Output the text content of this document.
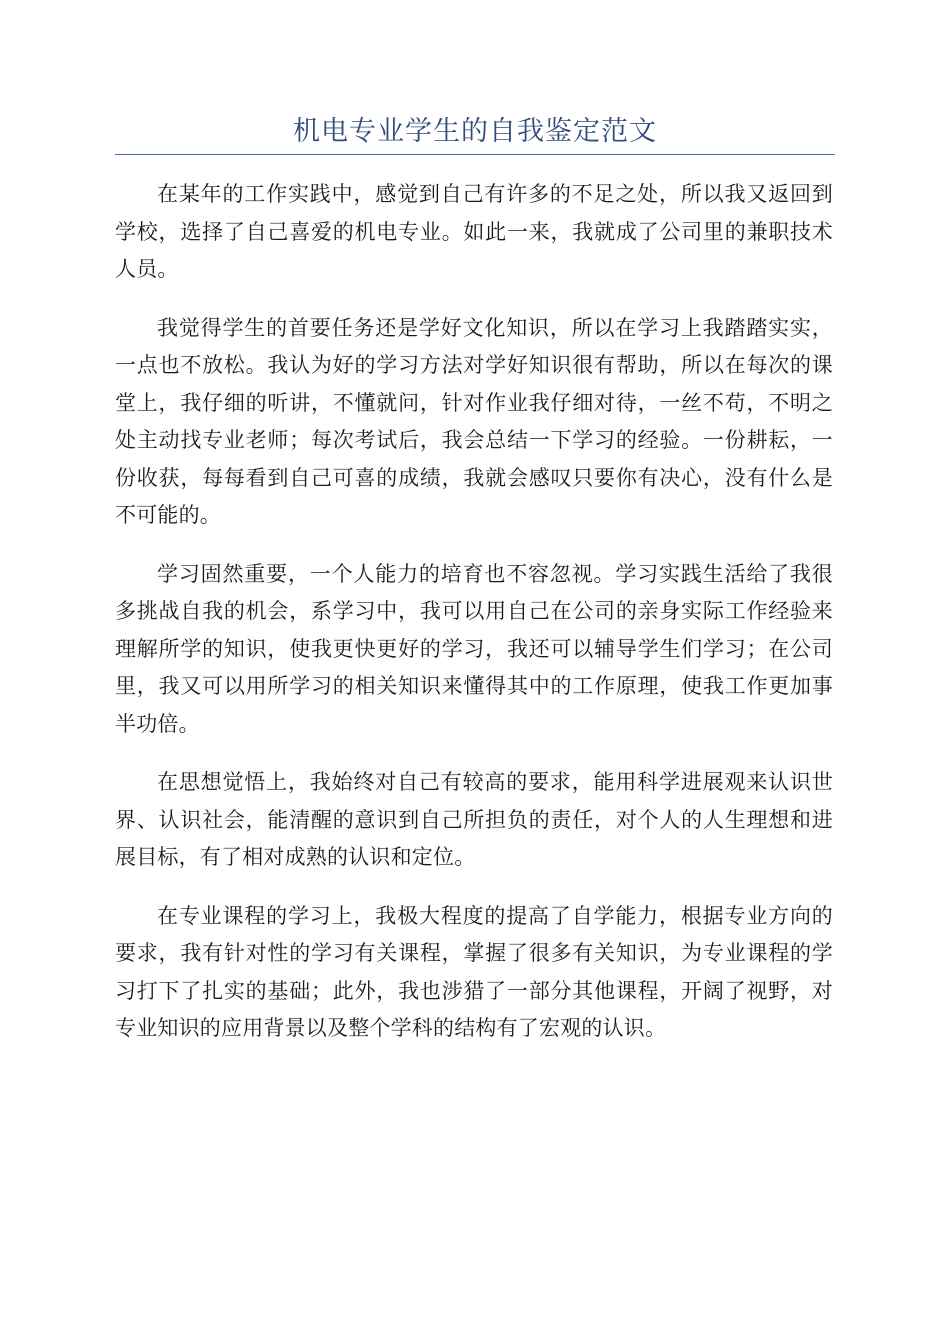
机电专业学生的自我鉴定范文

在某年的工作实践中，感觉到自己有许多的不足之处，所以我又返回到学校，选择了自己喜爱的机电专业。如此一来，我就成了公司里的兼职技术人员。

我觉得学生的首要任务还是学好文化知识，所以在学习上我踏踏实实，一点也不放松。我认为好的学习方法对学好知识很有帮助，所以在每次的课堂上，我仔细的听讲，不懂就问，针对作业我仔细对待，一丝不苟，不明之处主动找专业老师；每次考试后，我会总结一下学习的经验。一份耕耘，一份收获，每每看到自己可喜的成绩，我就会感叹只要你有决心，没有什么是不可能的。

学习固然重要，一个人能力的培育也不容忽视。学习实践生活给了我很多挑战自我的机会，系学习中，我可以用自己在公司的亲身实际工作经验来理解所学的知识，使我更快更好的学习，我还可以辅导学生们学习；在公司里，我又可以用所学习的相关知识来懂得其中的工作原理，使我工作更加事半功倍。

在思想觉悟上，我始终对自己有较高的要求，能用科学进展观来认识世界、认识社会，能清醒的意识到自己所担负的责任，对个人的人生理想和进展目标，有了相对成熟的认识和定位。

在专业课程的学习上，我极大程度的提高了自学能力，根据专业方向的要求，我有针对性的学习有关课程，掌握了很多有关知识，为专业课程的学习打下了扎实的基础；此外，我也涉猎了一部分其他课程，开阔了视野，对专业知识的应用背景以及整个学科的结构有了宏观的认识。
